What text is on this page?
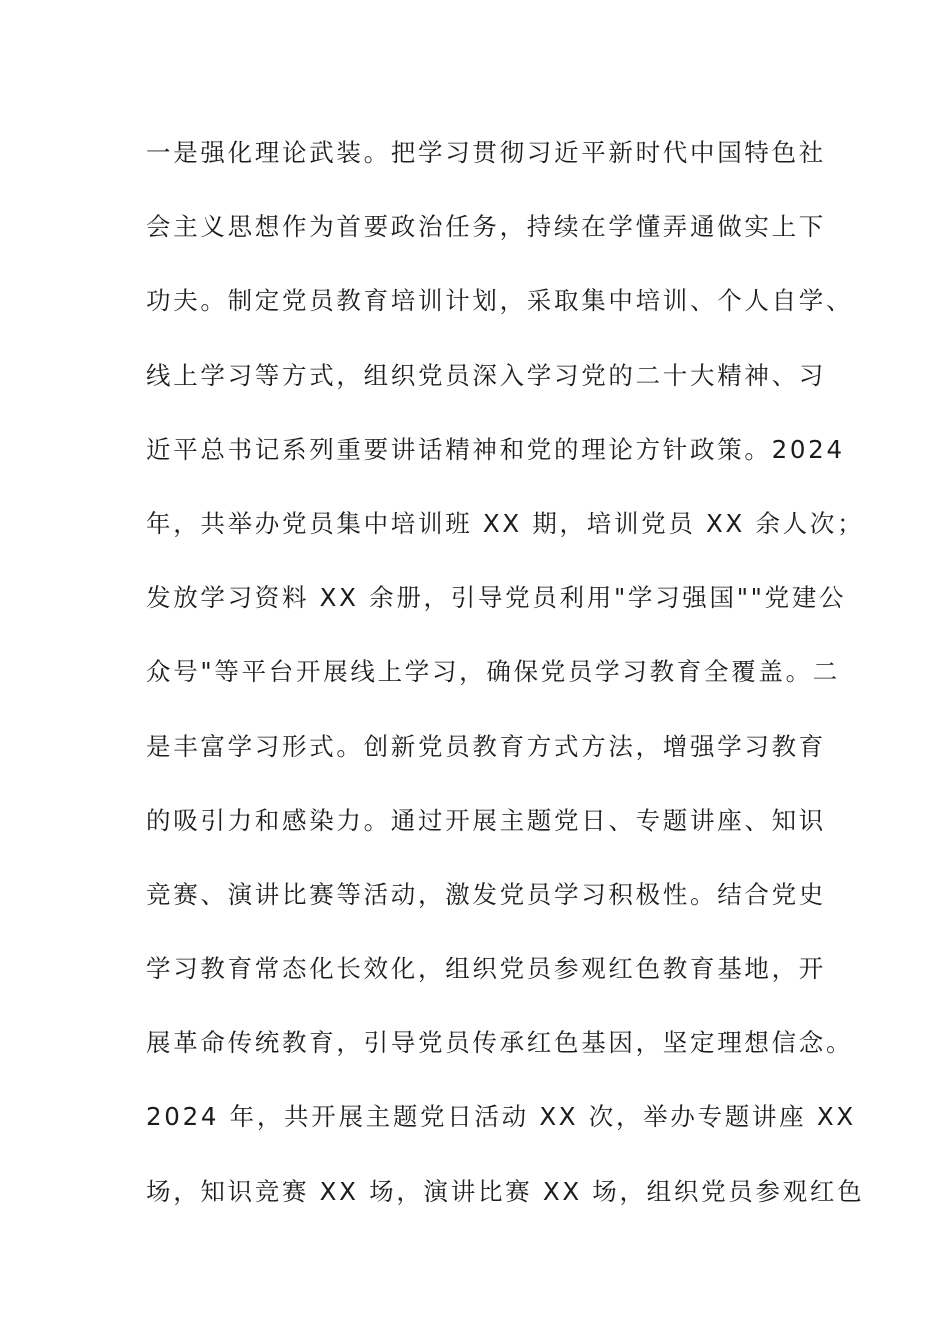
一是强化理论武装。把学习贯彻习近平新时代中国特色社
会主义思想作为首要政治任务，持续在学懂弄通做实上下
功夫。制定党员教育培训计划，采取集中培训、个人自学、
线上学习等方式，组织党员深入学习党的二十大精神、习
近平总书记系列重要讲话精神和党的理论方针政策。2024
年，共举办党员集中培训班 XX 期，培训党员 XX 余人次；
发放学习资料 XX 余册，引导党员利用"学习强国""党建公
众号"等平台开展线上学习，确保党员学习教育全覆盖。二
是丰富学习形式。创新党员教育方式方法，增强学习教育
的吸引力和感染力。通过开展主题党日、专题讲座、知识
竞赛、演讲比赛等活动，激发党员学习积极性。结合党史
学习教育常态化长效化，组织党员参观红色教育基地，开
展革命传统教育，引导党员传承红色基因，坚定理想信念。
2024 年，共开展主题党日活动 XX 次，举办专题讲座 XX
场，知识竞赛 XX 场，演讲比赛 XX 场，组织党员参观红色
